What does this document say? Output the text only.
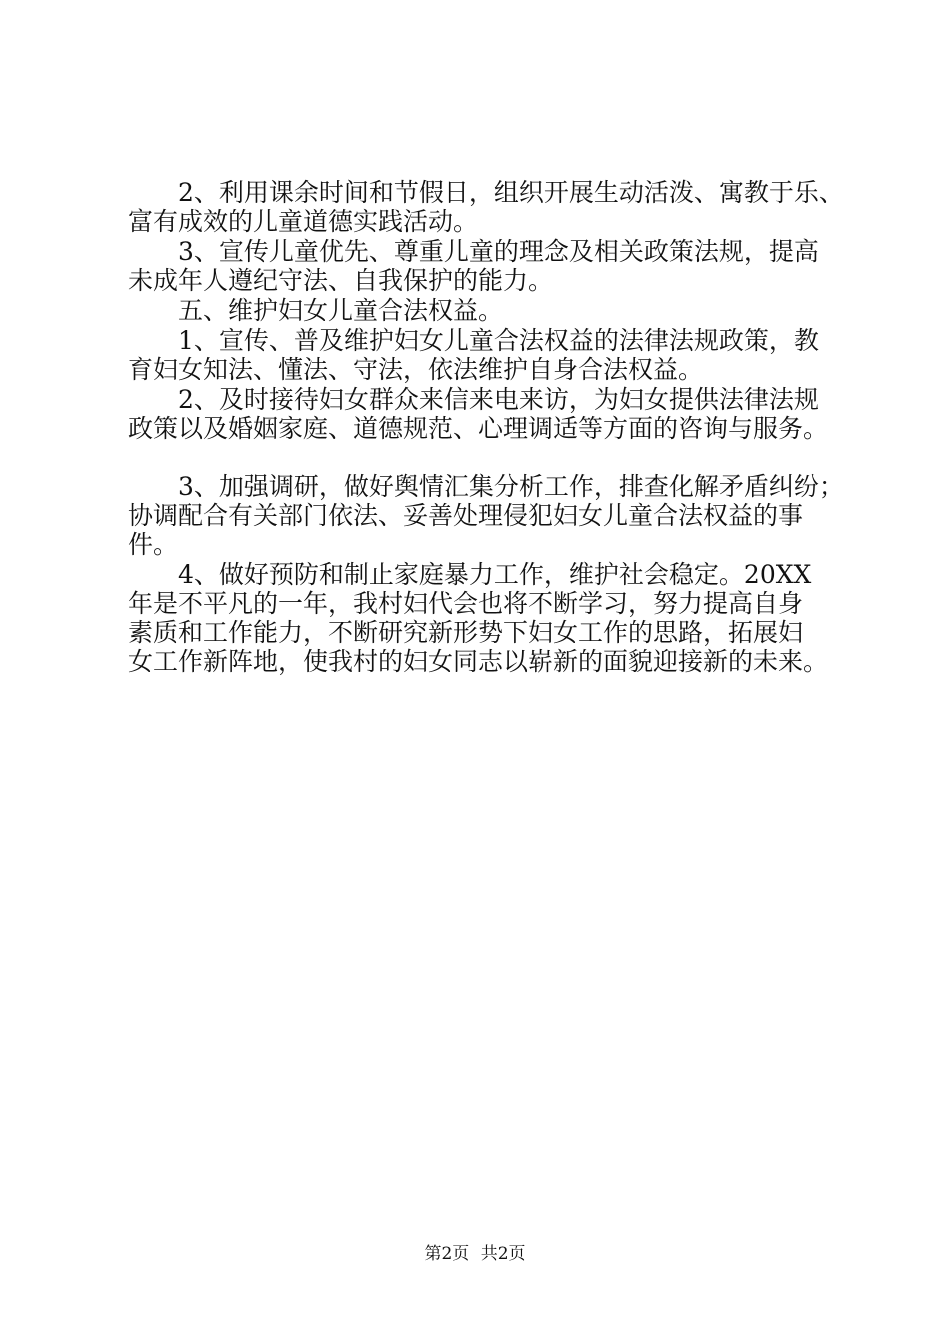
2、利用课余时间和节假日，组织开展生动活泼、寓教于乐、
富有成效的儿童道德实践活动。
3、宣传儿童优先、尊重儿童的理念及相关政策法规，提高
未成年人遵纪守法、自我保护的能力。
五、维护妇女儿童合法权益。
1、宣传、普及维护妇女儿童合法权益的法律法规政策，教
育妇女知法、懂法、守法，依法维护自身合法权益。
2、及时接待妇女群众来信来电来访，为妇女提供法律法规
政策以及婚姻家庭、道德规范、心理调适等方面的咨询与服务。
3、加强调研，做好舆情汇集分析工作，排查化解矛盾纠纷；
协调配合有关部门依法、妥善处理侵犯妇女儿童合法权益的事
件。
4、做好预防和制止家庭暴力工作，维护社会稳定。20XX
年是不平凡的一年，我村妇代会也将不断学习，努力提高自身
素质和工作能力，不断研究新形势下妇女工作的思路，拓展妇
女工作新阵地，使我村的妇女同志以崭新的面貌迎接新的未来。
第2页 共2页
